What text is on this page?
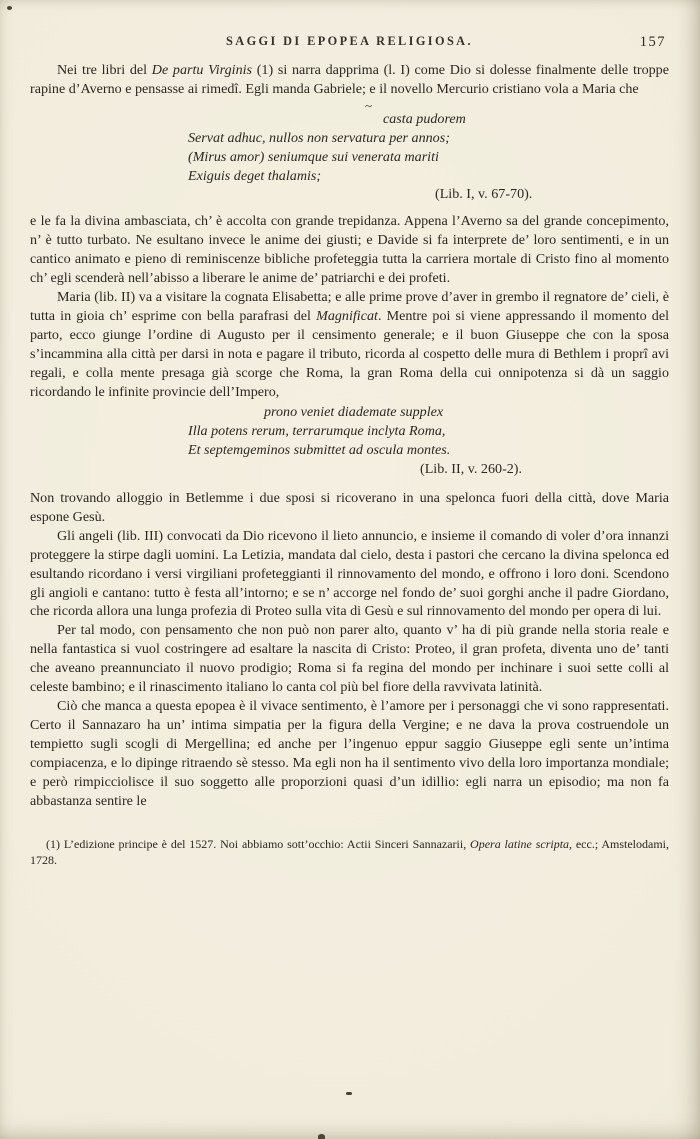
SAGGI DI EPOPEA RELIGIOSA.	157

Nei tre libri del De partu Virginis (1) si narra dapprima (l. I) come Dio si dolesse finalmente delle troppe rapine d’Averno e pensasse ai rimedî. Egli manda Gabriele; e il novello Mercurio cristiano vola a Maria che

~
casta pudorem
Servat adhuc, nullos non servatura per annos;
(Mirus amor) seniumque sui venerata mariti
Exiguis deget thalamis;
(Lib. I, v. 67-70).

e le fa la divina ambasciata, ch’ è accolta con grande trepidanza. Appena l’Averno sa del grande concepimento, n’ è tutto turbato. Ne esultano invece le anime dei giusti; e Davide si fa interprete de’ loro sentimenti, e in un cantico animato e pieno di reminiscenze bibliche profeteggia tutta la carriera mortale di Cristo fino al momento ch’ egli scenderà nell’abisso a liberare le anime de’ patriarchi e dei profeti.

Maria (lib. II) va a visitare la cognata Elisabetta; e alle prime prove d’aver in grembo il regnatore de’ cieli, è tutta in gioia ch’ esprime con bella parafrasi del Magnificat. Mentre poi si viene appressando il momento del parto, ecco giunge l’ordine di Augusto per il censimento generale; e il buon Giuseppe che con la sposa s’incammina alla città per darsi in nota e pagare il tributo, ricorda al cospetto delle mura di Bethlem i proprî avi regali, e colla mente presaga già scorge che Roma, la gran Roma della cui onnipotenza si dà un saggio ricordando le infinite provincie dell’Impero,

prono veniet diademate supplex
Illa potens rerum, terrarumque inclyta Roma,
Et septemgeminos submittet ad oscula montes.
(Lib. II, v. 260-2).

Non trovando alloggio in Betlemme i due sposi si ricoverano in una spelonca fuori della città, dove Maria espone Gesù.

Gli angeli (lib. III) convocati da Dio ricevono il lieto annuncio, e insieme il comando di voler d’ora innanzi proteggere la stirpe dagli uomini. La Letizia, mandata dal cielo, desta i pastori che cercano la divina spelonca ed esultando ricordano i versi virgiliani profeteggianti il rinnovamento del mondo, e offrono i loro doni. Scendono gli angioli e cantano: tutto è festa all’intorno; e se n’ accorge nel fondo de’ suoi gorghi anche il padre Giordano, che ricorda allora una lunga profezia di Proteo sulla vita di Gesù e sul rinnovamento del mondo per opera di lui.

Per tal modo, con pensamento che non può non parer alto, quanto v’ ha di più grande nella storia reale e nella fantastica si vuol costringere ad esaltare la nascita di Cristo: Proteo, il gran profeta, diventa uno de’ tanti che aveano preannunciato il nuovo prodigio; Roma si fa regina del mondo per inchinare i suoi sette colli al celeste bambino; e il rinascimento italiano lo canta col più bel fiore della ravvivata latinità.

Ciò che manca a questa epopea è il vivace sentimento, è l’amore per i personaggi che vi sono rappresentati. Certo il Sannazaro ha un’ intima simpatia per la figura della Vergine; e ne dava la prova costruendole un tempietto sugli scogli di Mergellina; ed anche per l’ingenuo eppur saggio Giuseppe egli sente un’intima compiacenza, e lo dipinge ritraendo sè stesso. Ma egli non ha il sentimento vivo della loro importanza mondiale; e però rimpicciolisce il suo soggetto alle proporzioni quasi d’un idillio: egli narra un episodio; ma non fa abbastanza sentire le

(1) L’edizione principe è del 1527. Noi abbiamo sott’occhio: Actii Sinceri Sannazarii, Opera latine scripta, ecc.; Amstelodami, 1728.
